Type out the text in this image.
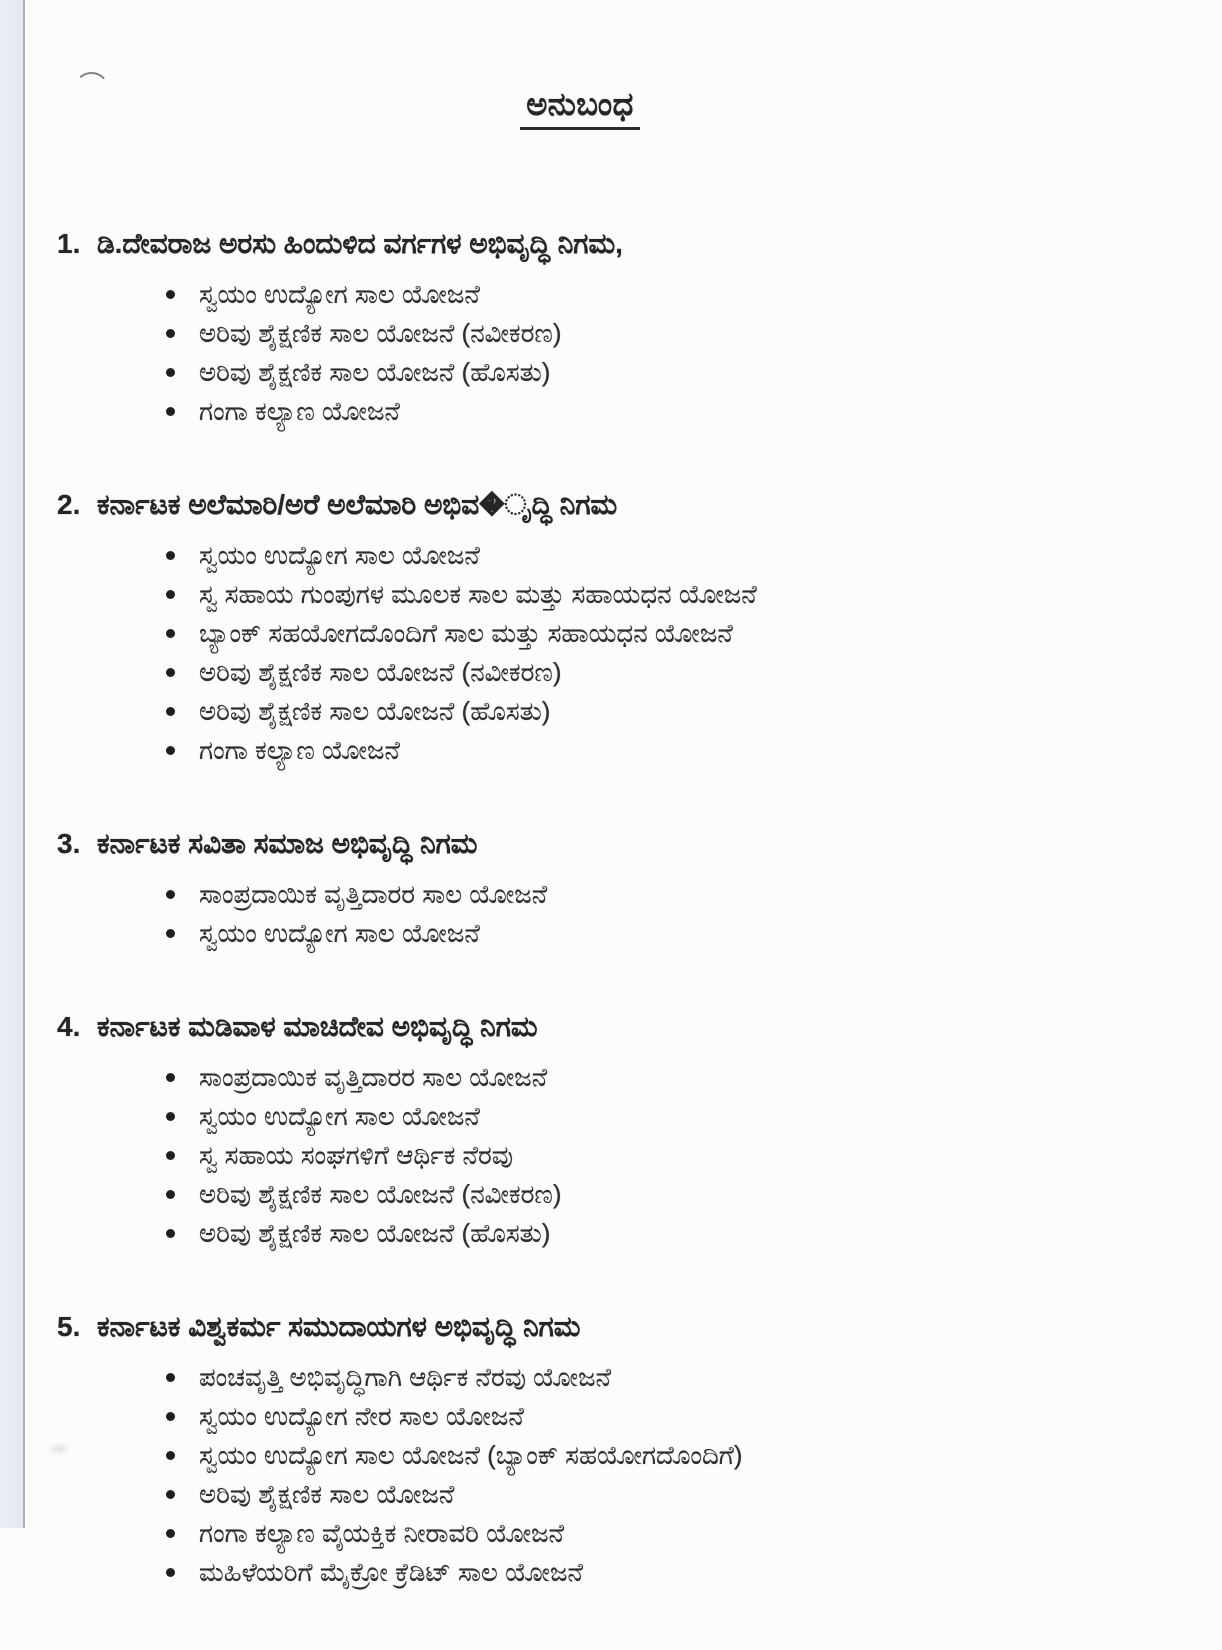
ಅನುಬಂಧ
1. ಡಿ.ದೇವರಾಜ ಅರಸು ಹಿಂದುಳಿದ ವರ್ಗಗಳ ಅಭಿವೃದ್ಧಿ ನಿಗಮ,
ಸ್ವಯಂ ಉದ್ಯೋಗ ಸಾಲ ಯೋಜನೆ
ಅರಿವು ಶೈಕ್ಷಣಿಕ ಸಾಲ ಯೋಜನೆ (ನವೀಕರಣ)
ಅರಿವು ಶೈಕ್ಷಣಿಕ ಸಾಲ ಯೋಜನೆ (ಹೊಸತು)
ಗಂಗಾ ಕಲ್ಯಾಣ ಯೋಜನೆ
2. ಕರ್ನಾಟಕ ಅಲೆಮಾರಿ/ಅರೆ ಅಲೆಮಾರಿ ಅಭಿವ�ೃದ್ಧಿ ನಿಗಮ
ಸ್ವಯಂ ಉದ್ಯೋಗ ಸಾಲ ಯೋಜನೆ
ಸ್ವ ಸಹಾಯ ಗುಂಪುಗಳ ಮೂಲಕ ಸಾಲ ಮತ್ತು ಸಹಾಯಧನ ಯೋಜನೆ
ಬ್ಯಾಂಕ್ ಸಹಯೋಗದೊಂದಿಗೆ ಸಾಲ ಮತ್ತು ಸಹಾಯಧನ ಯೋಜನೆ
ಅರಿವು ಶೈಕ್ಷಣಿಕ ಸಾಲ ಯೋಜನೆ (ನವೀಕರಣ)
ಅರಿವು ಶೈಕ್ಷಣಿಕ ಸಾಲ ಯೋಜನೆ (ಹೊಸತು)
ಗಂಗಾ ಕಲ್ಯಾಣ ಯೋಜನೆ
3. ಕರ್ನಾಟಕ ಸವಿತಾ ಸಮಾಜ ಅಭಿವೃದ್ಧಿ ನಿಗಮ
ಸಾಂಪ್ರದಾಯಿಕ ವೃತ್ತಿದಾರರ ಸಾಲ ಯೋಜನೆ
ಸ್ವಯಂ ಉದ್ಯೋಗ ಸಾಲ ಯೋಜನೆ
4. ಕರ್ನಾಟಕ ಮಡಿವಾಳ ಮಾಚಿದೇವ ಅಭಿವೃದ್ಧಿ ನಿಗಮ
ಸಾಂಪ್ರದಾಯಿಕ ವೃತ್ತಿದಾರರ ಸಾಲ ಯೋಜನೆ
ಸ್ವಯಂ ಉದ್ಯೋಗ ಸಾಲ ಯೋಜನೆ
ಸ್ವ ಸಹಾಯ ಸಂಘಗಳಿಗೆ ಆರ್ಥಿಕ ನೆರವು
ಅರಿವು ಶೈಕ್ಷಣಿಕ ಸಾಲ ಯೋಜನೆ (ನವೀಕರಣ)
ಅರಿವು ಶೈಕ್ಷಣಿಕ ಸಾಲ ಯೋಜನೆ (ಹೊಸತು)
5. ಕರ್ನಾಟಕ ವಿಶ್ವಕರ್ಮ ಸಮುದಾಯಗಳ ಅಭಿವೃದ್ಧಿ ನಿಗಮ
ಪಂಚವೃತ್ತಿ ಅಭಿವೃದ್ಧಿಗಾಗಿ ಆರ್ಥಿಕ ನೆರವು ಯೋಜನೆ
ಸ್ವಯಂ ಉದ್ಯೋಗ ನೇರ ಸಾಲ ಯೋಜನೆ
ಸ್ವಯಂ ಉದ್ಯೋಗ ಸಾಲ ಯೋಜನೆ (ಬ್ಯಾಂಕ್ ಸಹಯೋಗದೊಂದಿಗೆ)
ಅರಿವು ಶೈಕ್ಷಣಿಕ ಸಾಲ ಯೋಜನೆ
ಗಂಗಾ ಕಲ್ಯಾಣ ವೈಯಕ್ತಿಕ ನೀರಾವರಿ ಯೋಜನೆ
ಮಹಿಳೆಯರಿಗೆ ಮೈಕ್ರೋ ಕ್ರೆಡಿಟ್ ಸಾಲ ಯೋಜನೆ
